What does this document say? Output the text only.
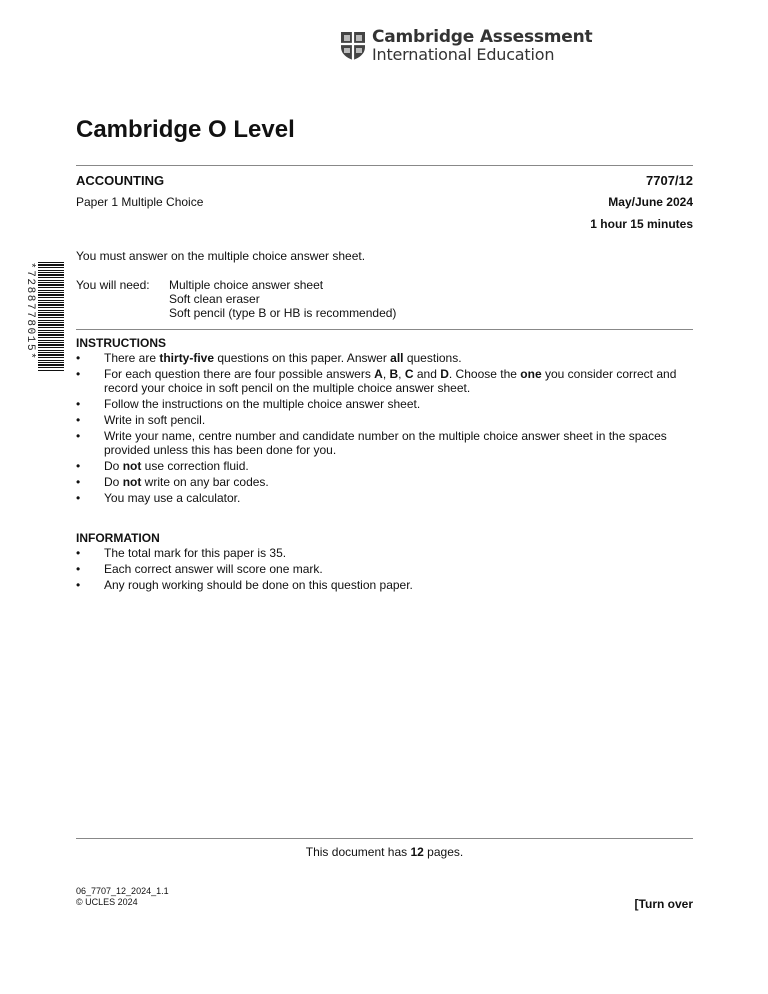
Cambridge Assessment
International Education
Cambridge O Level
ACCOUNTING	7707/12
Paper 1 Multiple Choice	May/June 2024
1 hour 15 minutes
You must answer on the multiple choice answer sheet.
You will need: Multiple choice answer sheet
Soft clean eraser
Soft pencil (type B or HB is recommended)
*7288778015*	INSTRUCTIONS
• There are thirty-five questions on this paper. Answer all questions.
• For each question there are four possible answers A, B, C and D. Choose the one you consider correct and record your choice in soft pencil on the multiple choice answer sheet.
• Follow the instructions on the multiple choice answer sheet.
• Write in soft pencil.
• Write your name, centre number and candidate number on the multiple choice answer sheet in the spaces provided unless this has been done for you.
• Do not use correction fluid.
• Do not write on any bar codes.
• You may use a calculator.
INFORMATION
• The total mark for this paper is 35.
• Each correct answer will score one mark.
• Any rough working should be done on this question paper.
This document has 12 pages.
06_7707_12_2024_1.1
© UCLES 2024	[Turn over
